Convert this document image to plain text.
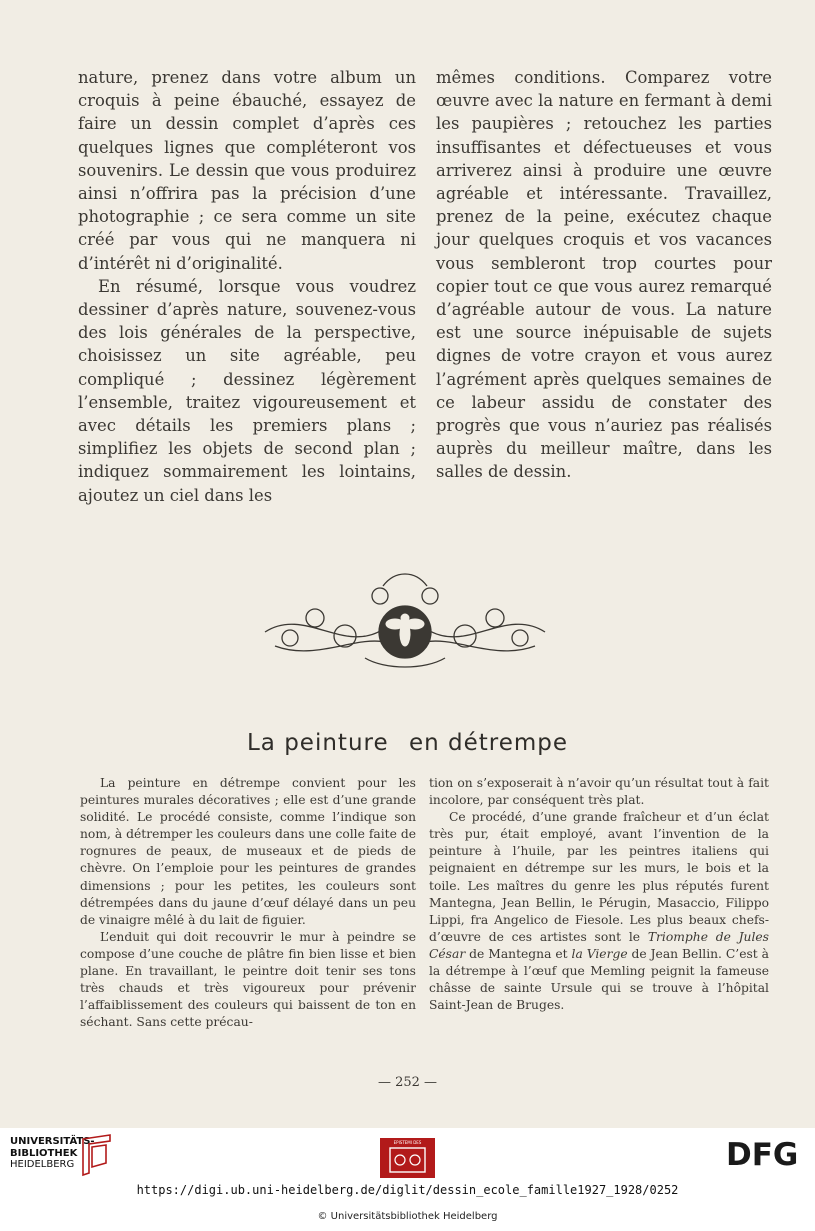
nature, prenez dans votre album un croquis à peine ébauché, essayez de faire un dessin complet d’après ces quelques lignes que compléteront vos souvenirs. Le dessin que vous produirez ainsi n’offrira pas la précision d’une photographie ; ce sera comme un site créé par vous qui ne manquera ni d’intérêt ni d’originalité.

En résumé, lorsque vous voudrez dessiner d’après nature, souvenez-vous des lois générales de la perspective, choisissez un site agréable, peu compliqué ; dessinez légèrement l’ensemble, traitez vigoureusement et avec détails les premiers plans ; simplifiez les objets de second plan ; indiquez sommairement les lointains, ajoutez un ciel dans les

mêmes conditions. Comparez votre œuvre avec la nature en fermant à demi les paupières ; retouchez les parties insuffisantes et défectueuses et vous arriverez ainsi à produire une œuvre agréable et intéressante. Travaillez, prenez de la peine, exécutez chaque jour quelques croquis et vos vacances vous sembleront trop courtes pour copier tout ce que vous aurez remarqué d’agréable autour de vous. La nature est une source inépuisable de sujets dignes de votre crayon et vous aurez l’agrément après quelques semaines de ce labeur assidu de constater des progrès que vous n’auriez pas réalisés auprès du meilleur maître, dans les salles de dessin.

La peinture en détrempe

La peinture en détrempe convient pour les peintures murales décoratives ; elle est d’une grande solidité. Le procédé consiste, comme l’indique son nom, à détremper les couleurs dans une colle faite de rognures de peaux, de museaux et de pieds de chèvre. On l’emploie pour les peintures de grandes dimensions ; pour les petites, les couleurs sont détrempées dans du jaune d’œuf délayé dans un peu de vinaigre mêlé à du lait de figuier.

L’enduit qui doit recouvrir le mur à peindre se compose d’une couche de plâtre fin bien lisse et bien plane. En travaillant, le peintre doit tenir ses tons très chauds et très vigoureux pour prévenir l’affaiblissement des couleurs qui baissent de ton en séchant. Sans cette précau-

tion on s’exposerait à n’avoir qu’un résultat tout à fait incolore, par conséquent très plat.

Ce procédé, d’une grande fraîcheur et d’un éclat très pur, était employé, avant l’invention de la peinture à l’huile, par les peintres italiens qui peignaient en détrempe sur les murs, le bois et la toile. Les maîtres du genre les plus réputés furent Mantegna, Jean Bellin, le Pérugin, Masaccio, Filippo Lippi, fra Angelico de Fiesole. Les plus beaux chefs-d’œuvre de ces artistes sont le Triomphe de Jules César de Mantegna et la Vierge de Jean Bellin. C’est à la détrempe à l’œuf que Memling peignit la fameuse châsse de sainte Ursule qui se trouve à l’hôpital Saint-Jean de Bruges.

— 252 —
UNIVERSITÄTS-
BIBLIOTHEK
HEIDELBERG
EPISTEMI DES	DFG
https://digi.ub.uni-heidelberg.de/diglit/dessin_ecole_famille1927_1928/0252
© Universitätsbibliothek Heidelberg
